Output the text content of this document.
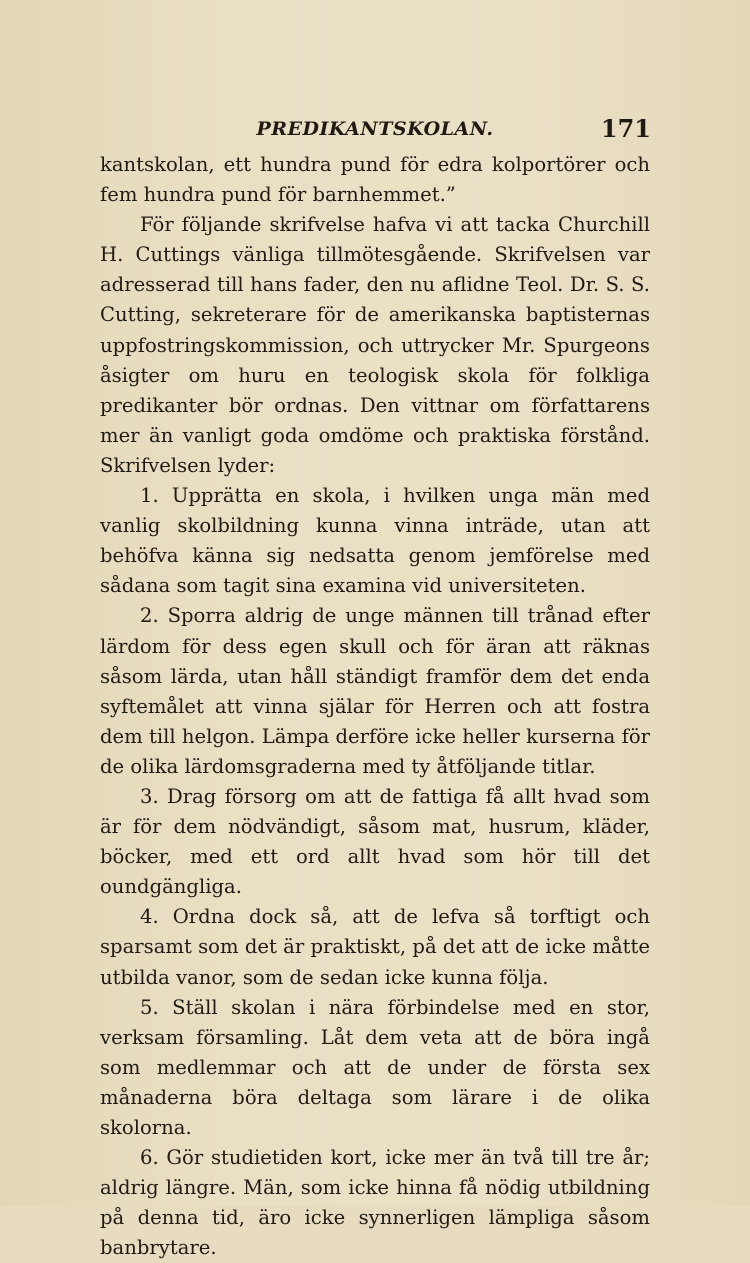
PREDIKANTSKOLAN.	171

kantskolan, ett hundra pund för edra kolportörer och fem hundra pund för barnhemmet.”

För följande skrifvelse hafva vi att tacka Churchill H. Cuttings vänliga tillmötesgående. Skrifvelsen var adresserad till hans fader, den nu aflidne Teol. Dr. S. S. Cutting, sekreterare för de amerikanska baptisternas uppfostringskommission, och uttrycker Mr. Spurgeons åsigter om huru en teologisk skola för folkliga predikanter bör ordnas. Den vittnar om författarens mer än vanligt goda omdöme och praktiska förstånd. Skrifvelsen lyder:

1. Upprätta en skola, i hvilken unga män med vanlig skolbildning kunna vinna inträde, utan att behöfva känna sig nedsatta genom jemförelse med sådana som tagit sina examina vid universiteten.

2. Sporra aldrig de unge männen till trånad efter lärdom för dess egen skull och för äran att räknas såsom lärda, utan håll ständigt framför dem det enda syftemålet att vinna själar för Herren och att fostra dem till helgon. Lämpa derföre icke heller kurserna för de olika lärdomsgraderna med ty åtföljande titlar.

3. Drag försorg om att de fattiga få allt hvad som är för dem nödvändigt, såsom mat, husrum, kläder, böcker, med ett ord allt hvad som hör till det oundgängliga.

4. Ordna dock så, att de lefva så torftigt och sparsamt som det är praktiskt, på det att de icke måtte utbilda vanor, som de sedan icke kunna följa.

5. Ställ skolan i nära förbindelse med en stor, verksam församling. Låt dem veta att de böra ingå som medlemmar och att de under de första sex månaderna böra deltaga som lärare i de olika skolorna.

6. Gör studietiden kort, icke mer än två till tre år; aldrig längre. Män, som icke hinna få nödig utbildning på denna tid, äro icke synnerligen lämpliga såsom banbrytare.
